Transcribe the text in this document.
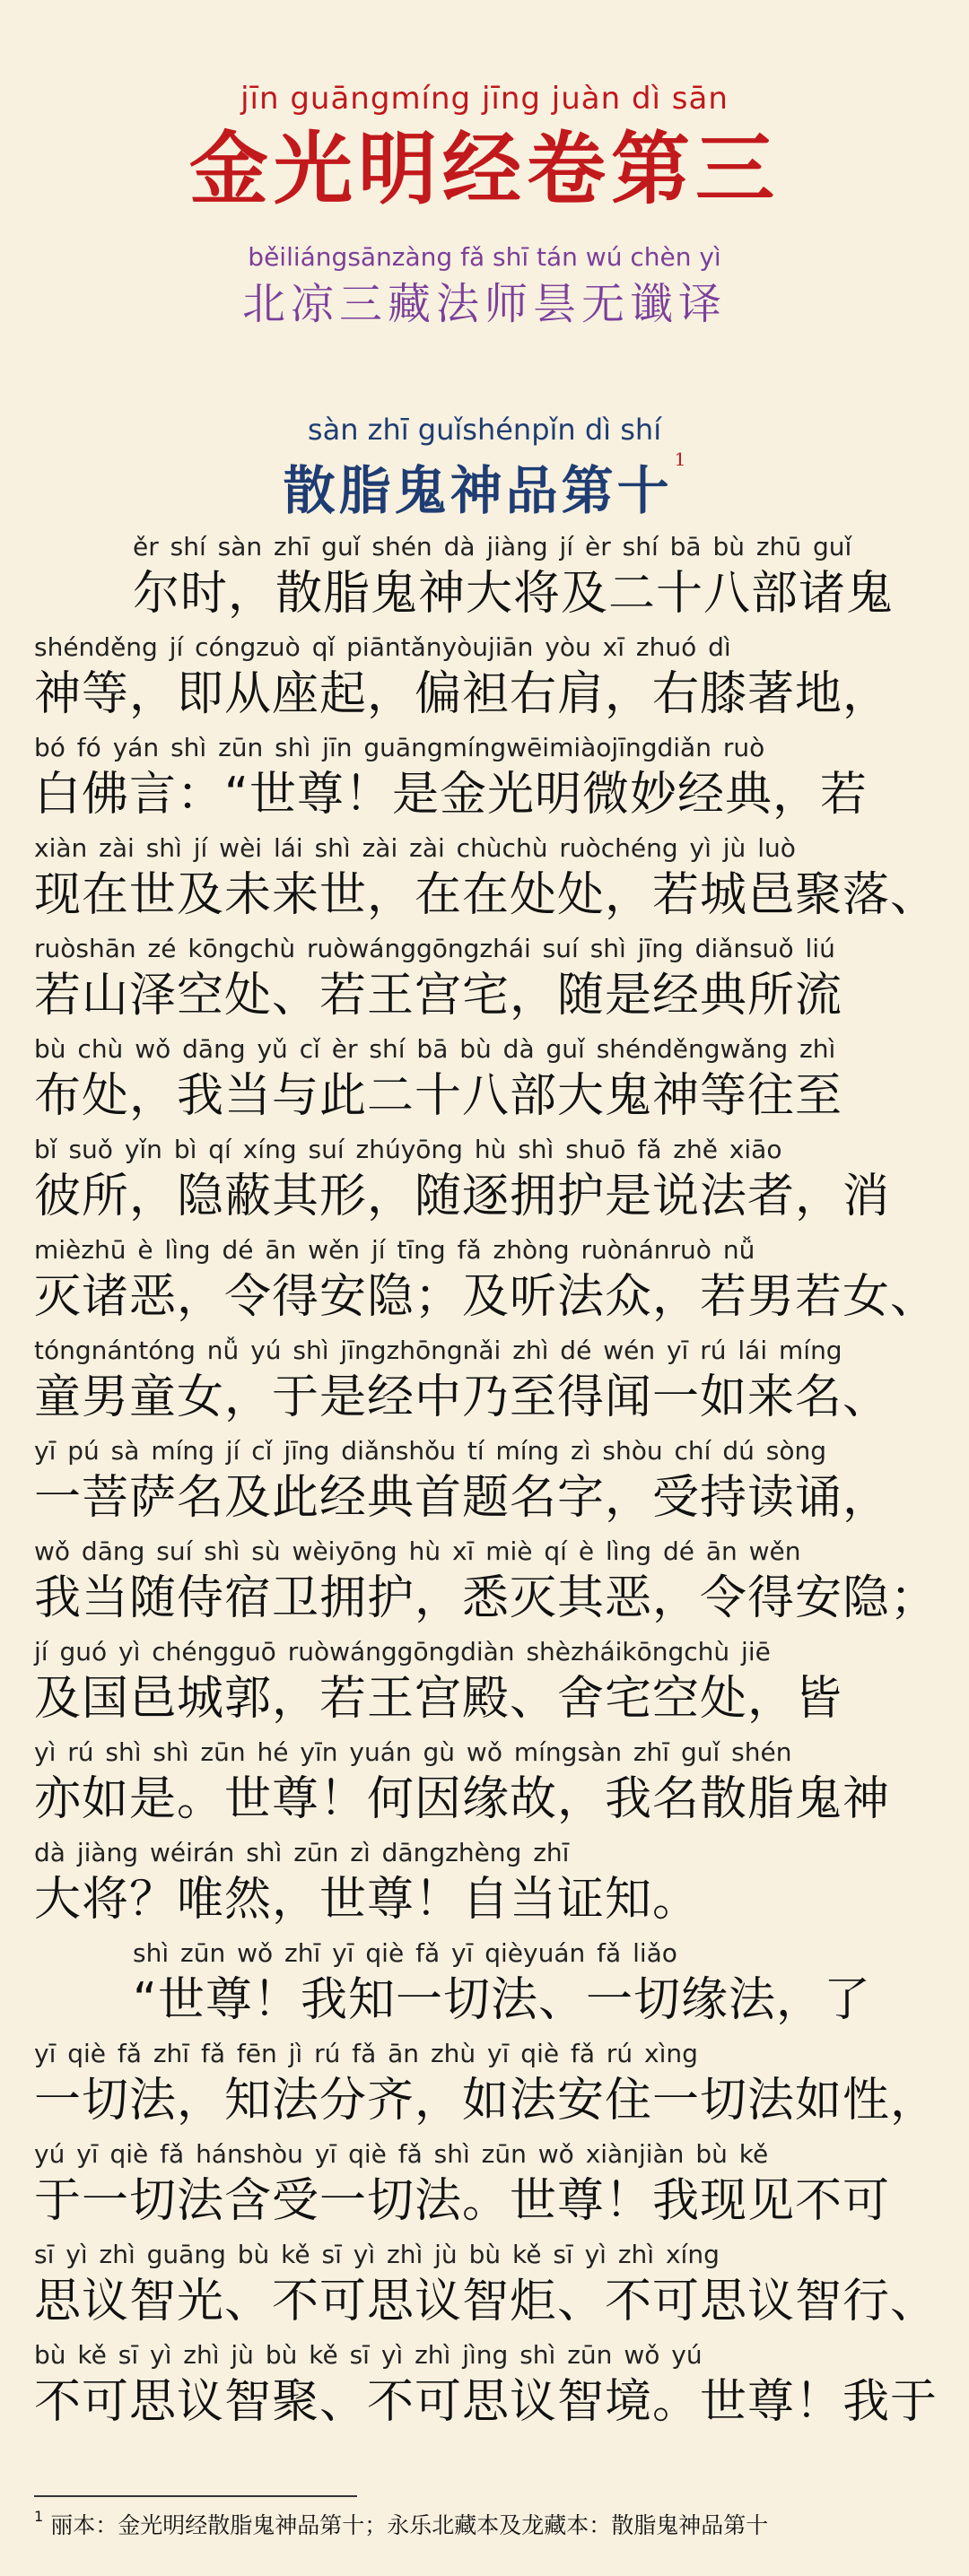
jīn guāngmíng jīng juàn dì sān
金光明经卷第三
běiliángsānzàng fǎ shī tán wú chèn yì
北凉三藏法师昙无谶译
sàn zhī guǐshénpǐn dì shí
散脂鬼神品第十$^1$
ěr shí sàn zhī guǐ shén dà jiàng jí èr shí bā bù zhū guǐ
尔时，散脂鬼神大将及二十八部诸鬼
shénděng jí cóngzuò qǐ piāntǎnyòujiān yòu xī zhuó dì
神等，即从座起，偏袒右肩，右膝著地，
bó fó yán shì zūn shì jīn guāngmíngwēimiàojīngdiǎn ruò
白佛言：“世尊！是金光明微妙经典，若
xiàn zài shì jí wèi lái shì zài zài chùchù ruòchéng yì jù luò
现在世及未来世，在在处处，若城邑聚落、
ruòshān zé kōngchù ruòwánggōngzhái suí shì jīng diǎnsuǒ liú
若山泽空处、若王宫宅，随是经典所流
bù chù wǒ dāng yǔ cǐ èr shí bā bù dà guǐ shénděngwǎng zhì
布处，我当与此二十八部大鬼神等往至
bǐ suǒ yǐn bì qí xíng suí zhúyōng hù shì shuō fǎ zhě xiāo
彼所，隐蔽其形，随逐拥护是说法者，消
mièzhū è lìng dé ān wěn jí tīng fǎ zhòng ruònánruò nǚ
灭诸恶，令得安隐；及听法众，若男若女、
tóngnántóng nǚ yú shì jīngzhōngnǎi zhì dé wén yī rú lái míng
童男童女，于是经中乃至得闻一如来名、
yī pú sà míng jí cǐ jīng diǎnshǒu tí míng zì shòu chí dú sòng
一菩萨名及此经典首题名字，受持读诵，
wǒ dāng suí shì sù wèiyōng hù xī miè qí è lìng dé ān wěn
我当随侍宿卫拥护，悉灭其恶，令得安隐；
jí guó yì chéngguō ruòwánggōngdiàn shèzháikōngchù jiē
及国邑城郭，若王宫殿、舍宅空处，皆
yì rú shì shì zūn hé yīn yuán gù wǒ míngsàn zhī guǐ shén
亦如是。世尊！何因缘故，我名散脂鬼神
dà jiàng wéirán shì zūn zì dāngzhèng zhī
大将？唯然，世尊！自当证知。
shì zūn wǒ zhī yī qiè fǎ yī qièyuán fǎ liǎo
“世尊！我知一切法、一切缘法，了
yī qiè fǎ zhī fǎ fēn jì rú fǎ ān zhù yī qiè fǎ rú xìng
一切法，知法分齐，如法安住一切法如性，
yú yī qiè fǎ hánshòu yī qiè fǎ shì zūn wǒ xiànjiàn bù kě
于一切法含受一切法。世尊！我现见不可
sī yì zhì guāng bù kě sī yì zhì jù bù kě sī yì zhì xíng
思议智光、不可思议智炬、不可思议智行、
bù kě sī yì zhì jù bù kě sī yì zhì jìng shì zūn wǒ yú
不可思议智聚、不可思议智境。世尊！我于
$^1$ 丽本：金光明经散脂鬼神品第十；永乐北藏本及龙藏本：散脂鬼神品第十
